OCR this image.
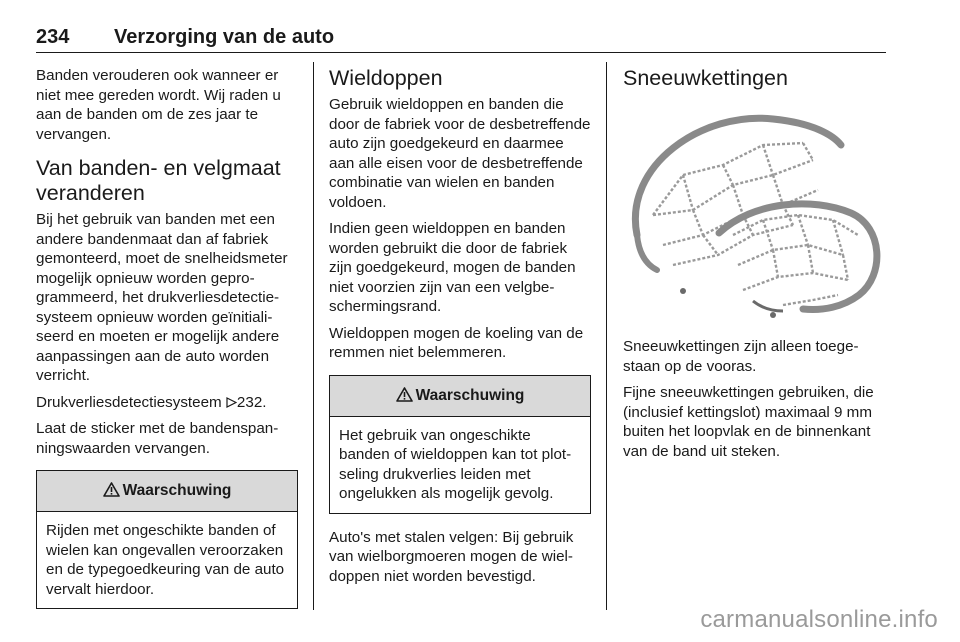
234 Verzorging van de auto

Banden verouderen ook wanneer er niet mee gereden wordt. Wij raden u aan de banden om de zes jaar te vervangen.

Van banden- en velgmaat veranderen

Bij het gebruik van banden met een andere bandenmaat dan af fabriek gemonteerd, moet de snelheidsmeter mogelijk opnieuw worden geprogrammeerd, het drukverliesdetectiesysteem opnieuw worden geïnitialiseerd en moeten er mogelijk andere aanpassingen aan de auto worden verricht.

Drukverliesdetectiesysteem 232.

Laat de sticker met de bandenspanningswaarden vervangen.

Waarschuwing

Rijden met ongeschikte banden of wielen kan ongevallen veroorzaken en de typegoedkeuring van de auto vervalt hierdoor.

Wieldoppen

Gebruik wieldoppen en banden die door de fabriek voor de desbetreffende auto zijn goedgekeurd en daarmee aan alle eisen voor de desbetreffende combinatie van wielen en banden voldoen.

Indien geen wieldoppen en banden worden gebruikt die door de fabriek zijn goedgekeurd, mogen de banden niet voorzien zijn van een velgbeschermingsrand.

Wieldoppen mogen de koeling van de remmen niet belemmeren.

Waarschuwing

Het gebruik van ongeschikte banden of wieldoppen kan tot plotseling drukverlies leiden met ongelukken als mogelijk gevolg.

Auto's met stalen velgen: Bij gebruik van wielborgmoeren mogen de wieldoppen niet worden bevestigd.

Sneeuwkettingen

Sneeuwkettingen zijn alleen toegestaan op de vooras.

Fijne sneeuwkettingen gebruiken, die (inclusief kettingslot) maximaal 9 mm buiten het loopvlak en de binnenkant van de band uit steken.

carmanualsonline.info
